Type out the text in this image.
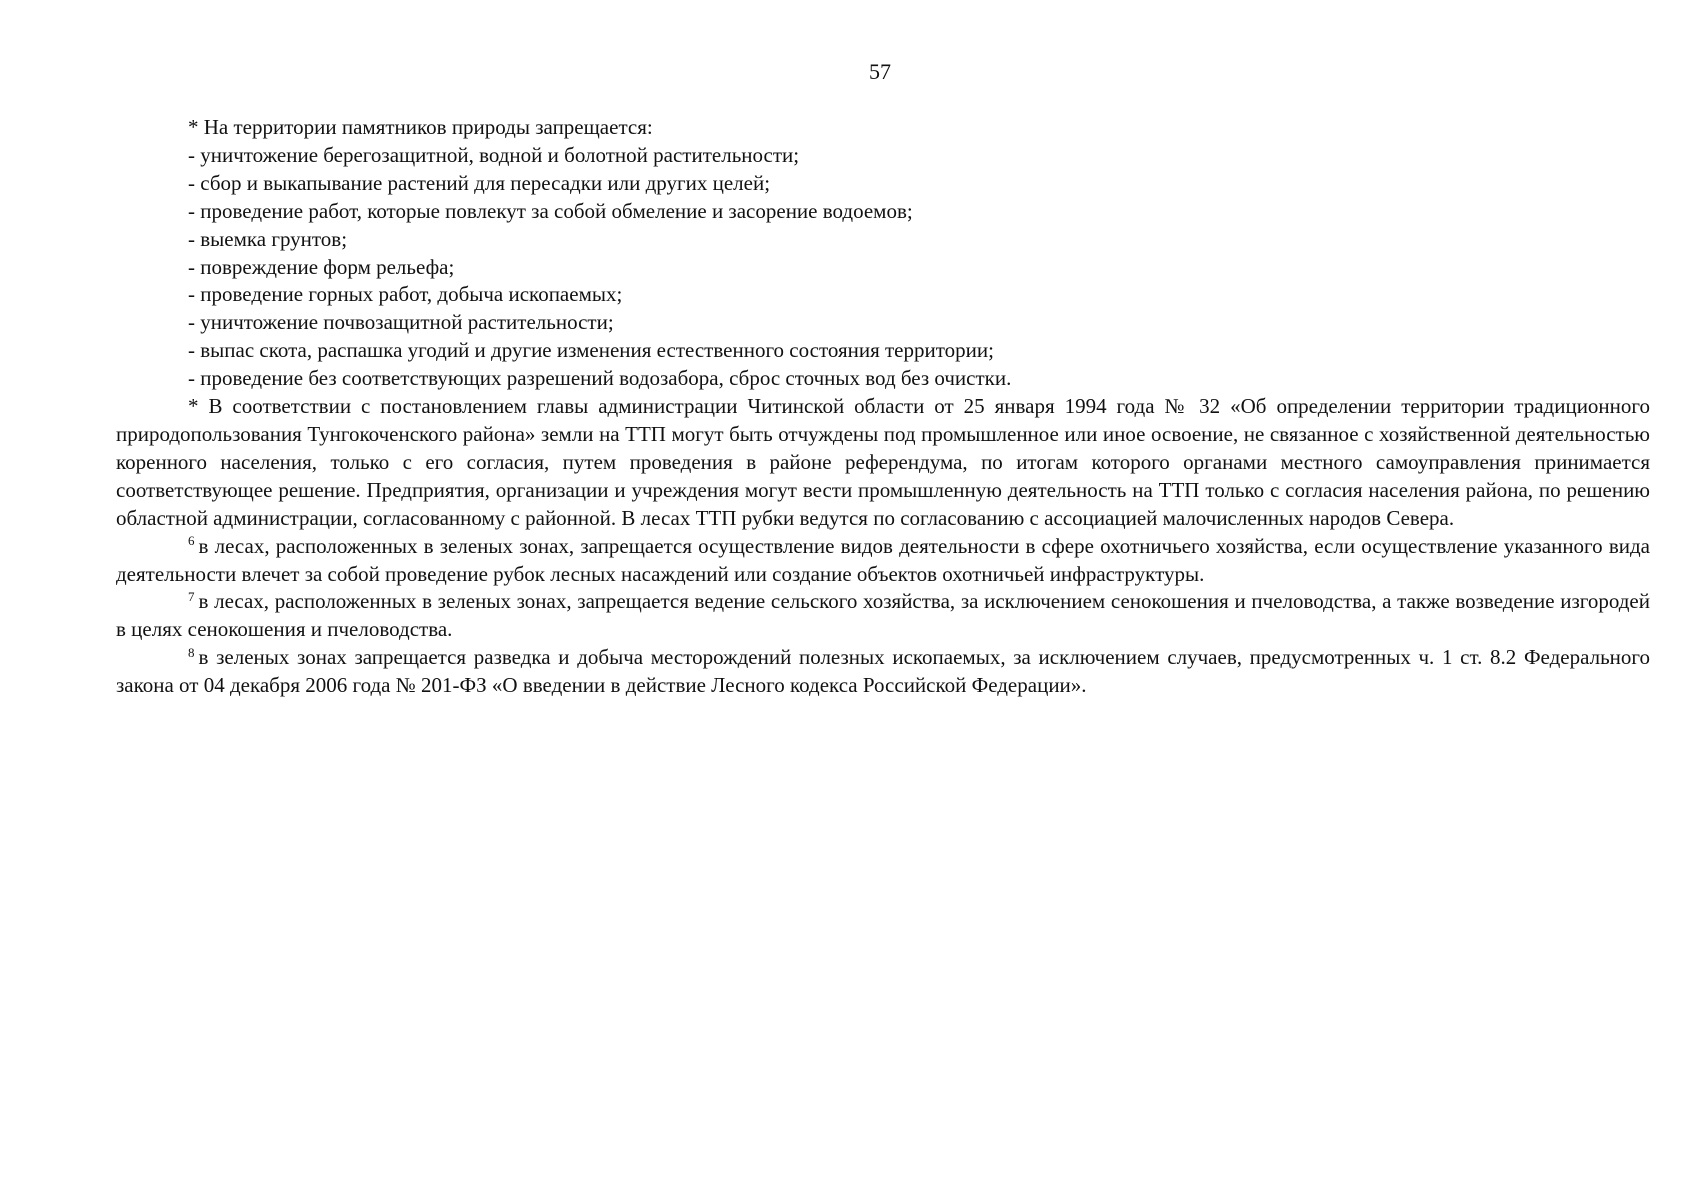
57

* На территории памятников природы запрещается:

- уничтожение берегозащитной, водной и болотной растительности;

- сбор и выкапывание растений для пересадки или других целей;

- проведение работ, которые повлекут за собой обмеление и засорение водоемов;

- выемка грунтов;

- повреждение форм рельефа;

- проведение горных работ, добыча ископаемых;

- уничтожение почвозащитной растительности;

- выпас скота, распашка угодий и другие изменения естественного состояния территории;

- проведение без соответствующих разрешений водозабора, сброс сточных вод без очистки.

* В соответствии с постановлением главы администрации Читинской области от 25 января 1994 года № 32 «Об определении территории традиционного природопользования Тунгокоченского района» земли на ТТП могут быть отчуждены под промышленное или иное освоение, не связанное с хозяйственной деятельностью коренного населения, только с его согласия, путем проведения в районе референдума, по итогам которого органами местного самоуправления принимается соответствующее решение. Предприятия, организации и учреждения могут вести промышленную деятельность на ТТП только с согласия населения района, по решению областной администрации, согласованному с районной. В лесах ТТП рубки ведутся по согласованию с ассоциацией малочисленных народов Севера.

$^6$ в лесах, расположенных в зеленых зонах, запрещается осуществление видов деятельности в сфере охотничьего хозяйства, если осуществление указанного вида деятельности влечет за собой проведение рубок лесных насаждений или создание объектов охотничьей инфраструктуры.

$^7$ в лесах, расположенных в зеленых зонах, запрещается ведение сельского хозяйства, за исключением сенокошения и пчеловодства, а также возведение изгородей в целях сенокошения и пчеловодства.

$^8$ в зеленых зонах запрещается разведка и добыча месторождений полезных ископаемых, за исключением случаев, предусмотренных ч. 1 ст. 8.2 Федерального закона от 04 декабря 2006 года № 201-ФЗ «О введении в действие Лесного кодекса Российской Федерации».
